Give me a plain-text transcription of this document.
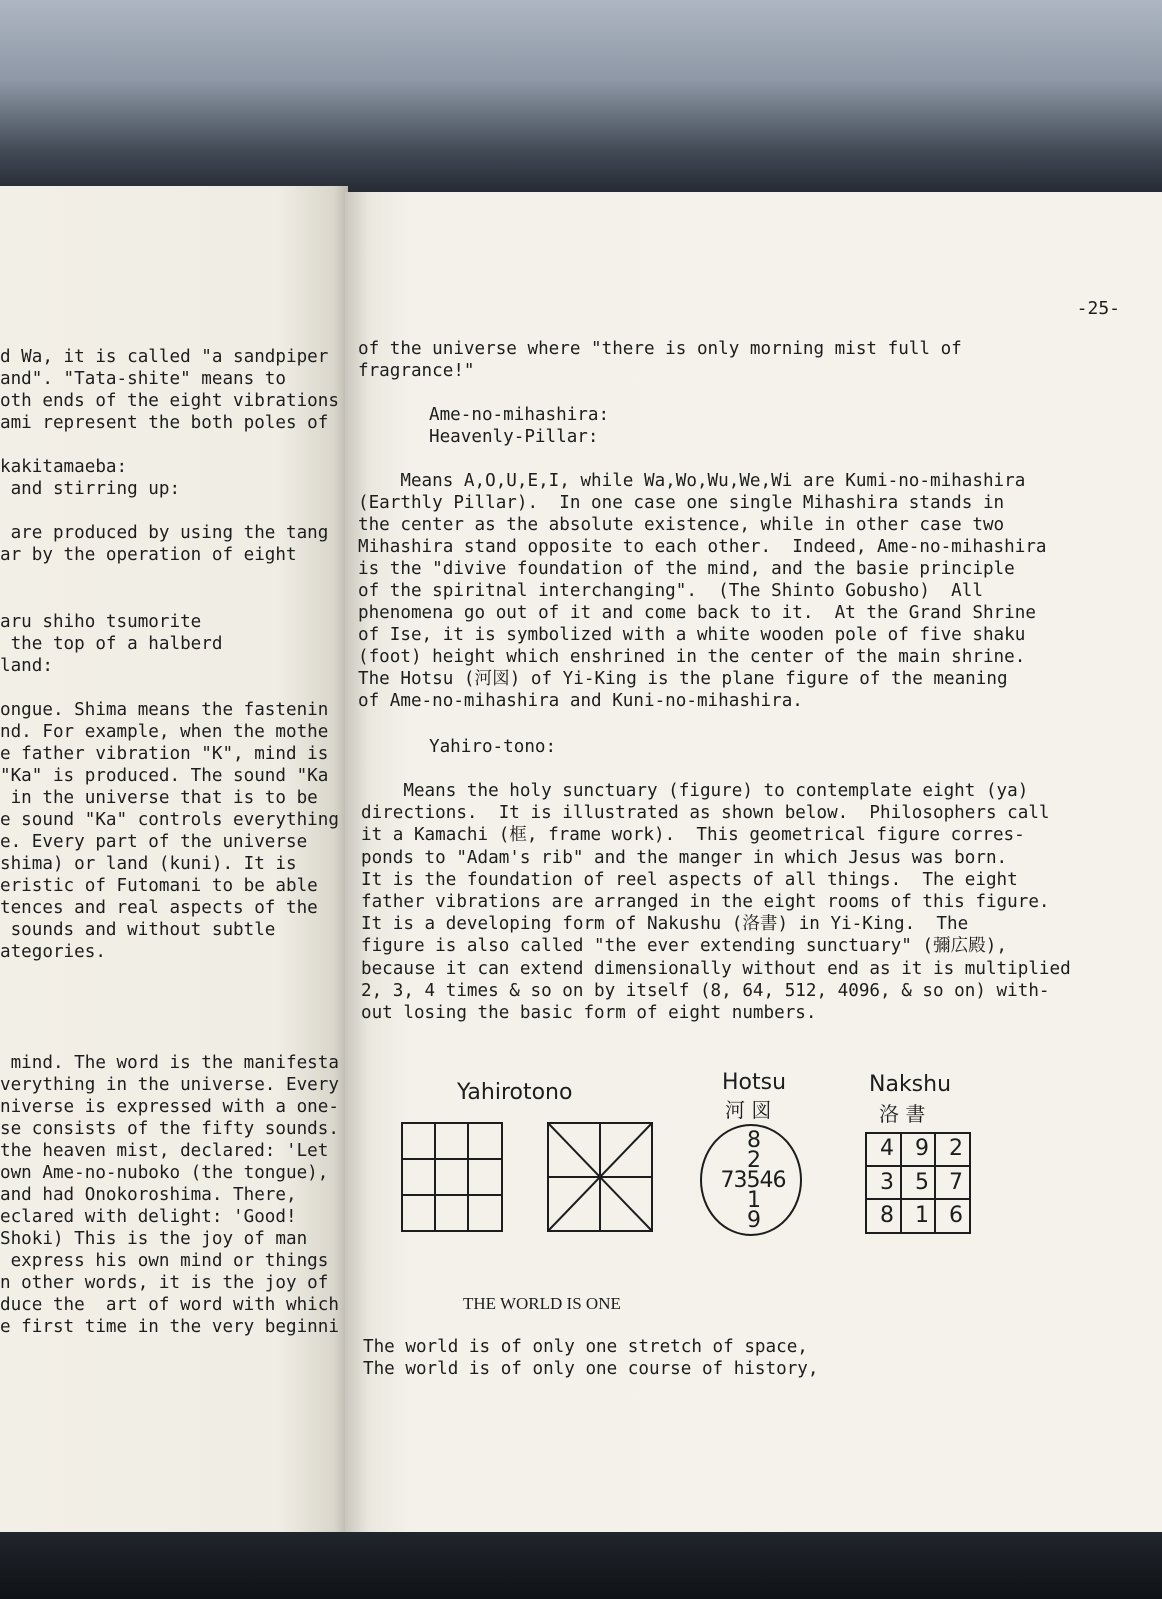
d Wa, it is called "a sandpiper
and". "Tata-shite" means to
oth ends of the eight vibrations
ami represent the both poles of
kakitamaeba:
and stirring up:
are produced by using the tang
ar by the operation of eight
aru shiho tsumorite
the top of a halberd
land:
ongue. Shima means the fastenin
nd. For example, when the mothe
e father vibration "K", mind is
"Ka" is produced. The sound "Ka
in the universe that is to be
e sound "Ka" controls everything
e. Every part of the universe
shima) or land (kuni). It is
eristic of Futomani to be able
tences and real aspects of the
sounds and without subtle
ategories.
mind. The word is the manifesta
verything in the universe. Every
niverse is expressed with a one-
se consists of the fifty sounds.
the heaven mist, declared: 'Let
own Ame-no-nuboko (the tongue),
and had Onokoroshima. There,
eclared with delight: 'Good!
Shoki) This is the joy of man
express his own mind or things
n other words, it is the joy of
duce the  art of word with which
e first time in the very beginni
-25-
of the universe where "there is only morning mist full of
fragrance!"
Ame-no-mihashira:
Heavenly-Pillar:
Means A,O,U,E,I, while Wa,Wo,Wu,We,Wi are Kumi-no-mihashira
(Earthly Pillar).  In one case one single Mihashira stands in
the center as the absolute existence, while in other case two
Mihashira stand opposite to each other.  Indeed, Ame-no-mihashira
is the "divive foundation of the mind, and the basie principle
of the spiritnal interchanging".  (The Shinto Gobusho)  All
phenomena go out of it and come back to it.  At the Grand Shrine
of Ise, it is symbolized with a white wooden pole of five shaku
(foot) height which enshrined in the center of the main shrine.
The Hotsu (河図) of Yi-King is the plane figure of the meaning
of Ame-no-mihashira and Kuni-no-mihashira.
Yahiro-tono:
Means the holy sunctuary (figure) to contemplate eight (ya)
directions.  It is illustrated as shown below.  Philosophers call
it a Kamachi (框, frame work).  This geometrical figure corres-
ponds to "Adam's rib" and the manger in which Jesus was born.
It is the foundation of reel aspects of all things.  The eight
father vibrations are arranged in the eight rooms of this figure.
It is a developing form of Nakushu (洛書) in Yi-King.  The
figure is also called "the ever extending sunctuary" (彌広殿),
because it can extend dimensionally without end as it is multiplied
2, 3, 4 times & so on by itself (8, 64, 512, 4096, & so on) with-
out losing the basic form of eight numbers.
The world is of only one stretch of space,
The world is of only one course of history,
Yahirotono	Hotsu
河 図
Nakshu
洛 書
8
2
73546
1
9
4 9 2
3 5 7
8 1 6
THE WORLD IS ONE
